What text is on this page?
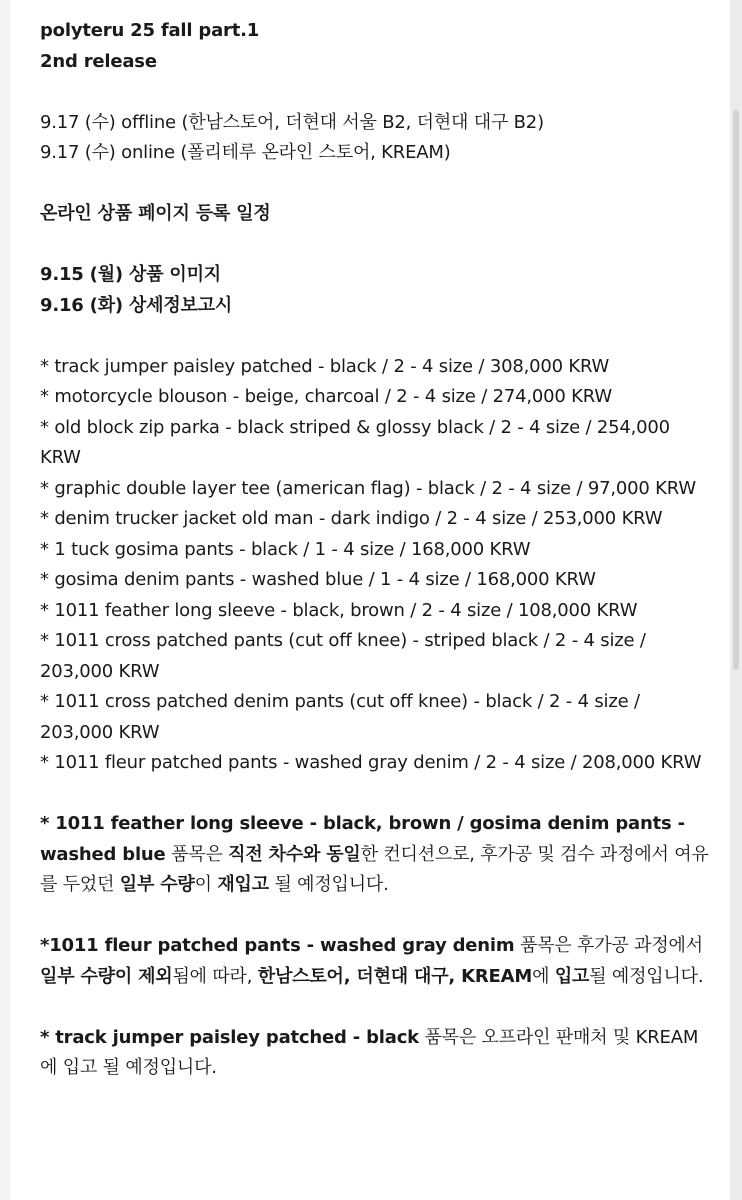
polyteru 25 fall part.1

2nd release

9.17 (수) offline (한남스토어, 더현대 서울 B2, 더현대 대구 B2)

9.17 (수) online (폴리테루 온라인 스토어, KREAM)

온라인 상품 페이지 등록 일정

9.15 (월) 상품 이미지

9.16 (화) 상세정보고시

* track jumper paisley patched - black / 2 - 4 size / 308,000 KRW

* motorcycle blouson - beige, charcoal / 2 - 4 size / 274,000 KRW

* old block zip parka - black striped & glossy black / 2 - 4 size / 254,000 KRW

* graphic double layer tee (american flag) - black / 2 - 4 size / 97,000 KRW

* denim trucker jacket old man - dark indigo / 2 - 4 size / 253,000 KRW

* 1 tuck gosima pants - black / 1 - 4 size / 168,000 KRW

* gosima denim pants - washed blue / 1 - 4 size / 168,000 KRW

* 1011 feather long sleeve - black, brown / 2 - 4 size / 108,000 KRW

* 1011 cross patched pants (cut off knee) - striped black / 2 - 4 size / 203,000 KRW

* 1011 cross patched denim pants (cut off knee) - black / 2 - 4 size / 203,000 KRW

* 1011 fleur patched pants - washed gray denim / 2 - 4 size / 208,000 KRW

* 1011 feather long sleeve - black, brown / gosima denim pants - washed blue 품목은 직전 차수와 동일한 컨디션으로, 후가공 및 검수 과정에서 여유를 두었던 일부 수량이 재입고 될 예정입니다.

*1011 fleur patched pants - washed gray denim 품목은 후가공 과정에서 일부 수량이 제외됨에 따라, 한남스토어, 더현대 대구, KREAM에 입고될 예정입니다.

* track jumper paisley patched - black 품목은 오프라인 판매처 및 KREAM에 입고 될 예정입니다.
